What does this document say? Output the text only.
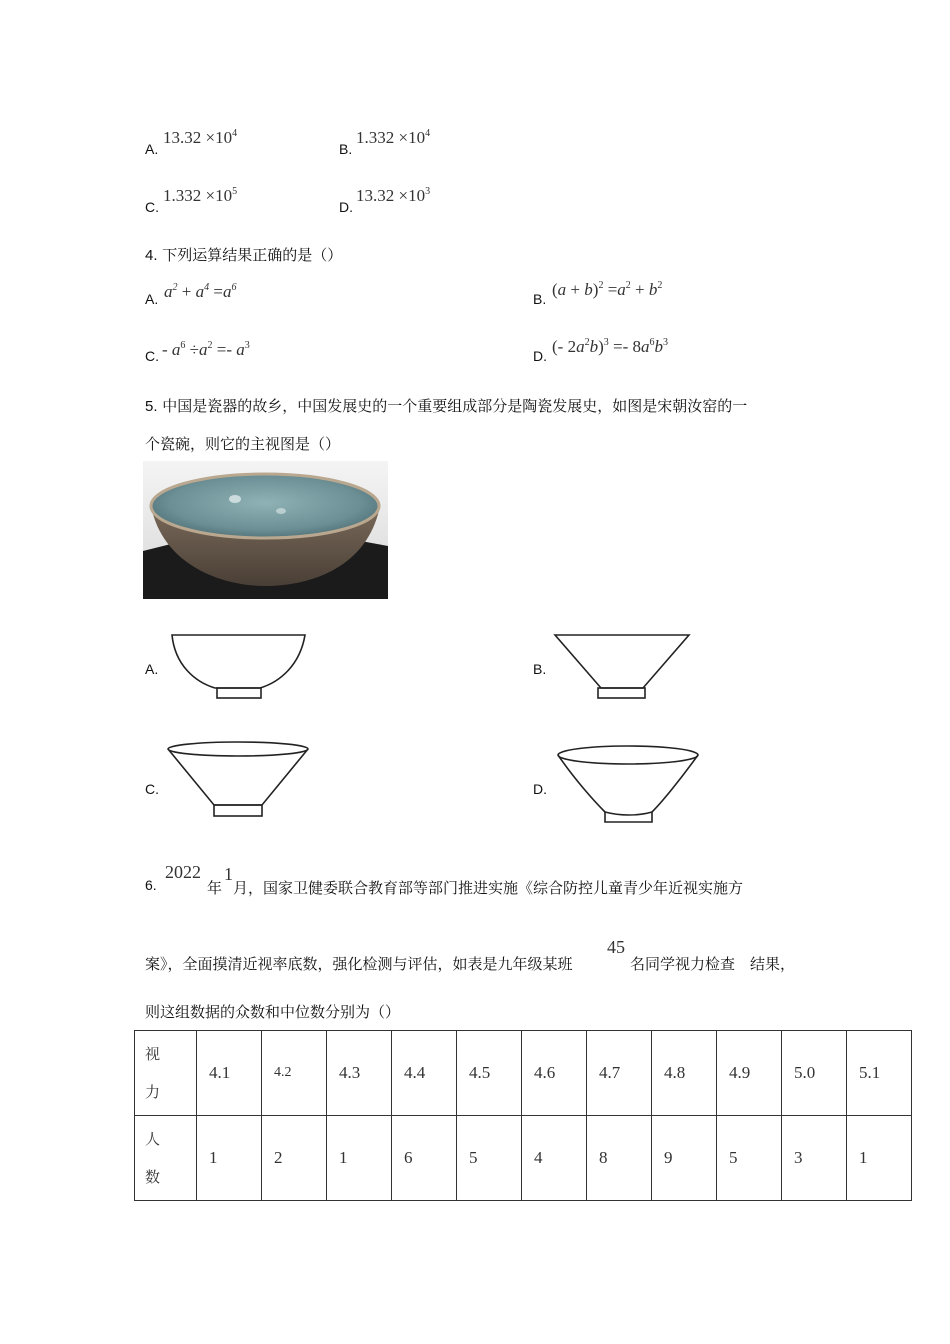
A.
$13.32 \times 10^4$
B.
$1.332 \times 10^4$
C.
$1.332 \times 10^5$
D.
$13.32 \times 10^3$
4. 下列运算结果正确的是（）
A. $a^2 + a^4 =a^6$
B. $(a + b)^2 =a^2 + b^2$
C. - $a^6 \div a^2 =- a^3$
D. (- $2a^2b)^3 =- 8a^6b^3$
5. 中国是瓷器的故乡，中国发展史的一个重要组成部分是陶瓷发展史，如图是宋朝汝窑的一
个瓷碗，则它的主视图是（）
A.	B.
C.	D.
6.
2022
年
1
月，国家卫健委联合教育部等部门推进实施《综合防控儿童青少年近视实施方
案》，全面摸清近视率底数，强化检测与评估，如表是九年级某班
45
名同学视力检查　结果，
则这组数据的众数和中位数分别为（）
视
力	4.1	4.2	4.3	4.4	4.5	4.6	4.7	4.8	4.9	5.0	5.1
人
数	1	2	1	6	5	4	8	9	5	3	1
